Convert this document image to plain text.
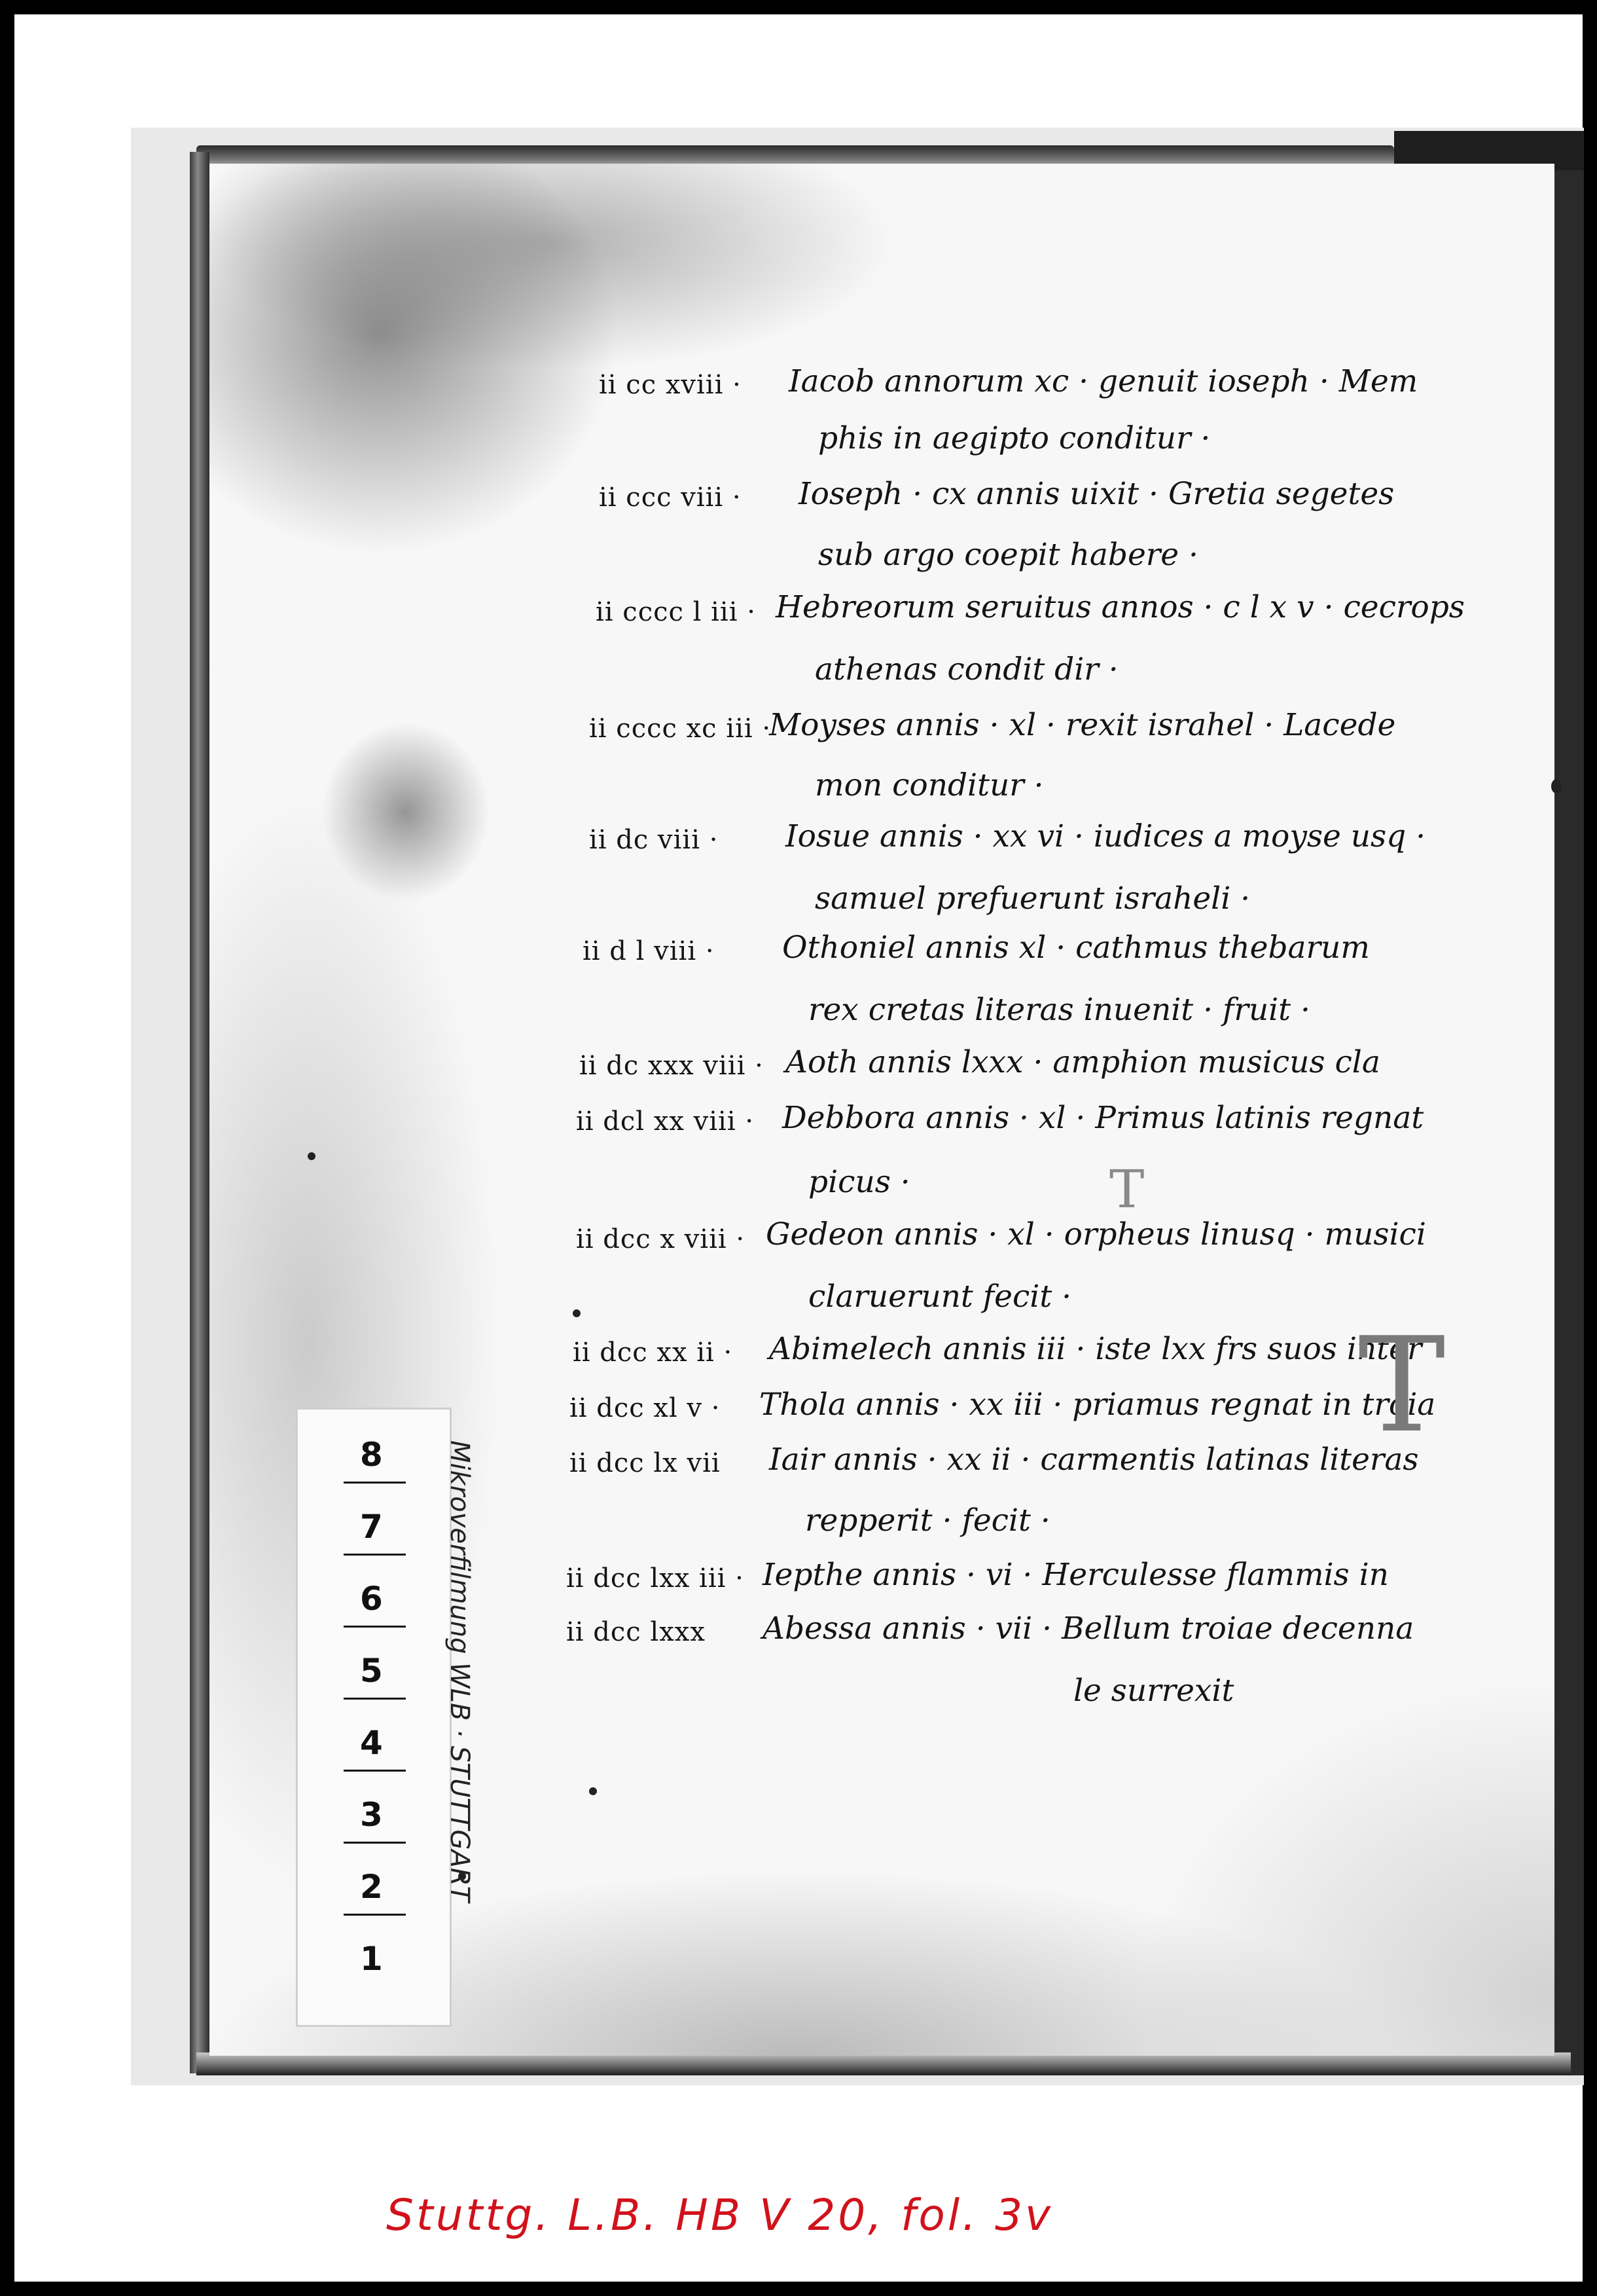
ii cc xviii · Iacob annorum xc · genuit ioseph · Mem
phis in aegipto conditur ·
ii ccc viii · Ioseph · cx annis uixit · Gretia segetes
sub argo coepit habere ·
ii cccc l iii · Hebreorum seruitus annos · c l x v · cecrops
athenas condit dir ·
ii cccc xc iii ·
Moyses annis · xl · rexit israhel · Lacede
mon conditur ·
ii dc viii · Iosue annis · xx vi · iudices a moyse usq ·
samuel prefuerunt israheli ·
ii d l viii · Othoniel annis xl · cathmus thebarum
rex cretas literas inuenit · fruit ·
ii dc xxx viii · Aoth annis lxxx · amphion musicus cla
ii dcl xx viii · Debbora annis · xl · Primus latinis regnat
picus ·
ii dcc x viii · Gedeon annis · xl · orpheus linusq · musici
claruerunt fecit ·
ii dcc xx ii · Abimelech annis iii · iste lxx frs suos inter
ii dcc xl v · Thola annis · xx iii · priamus regnat in troia
ii dcc lx vii Iair annis · xx ii · carmentis latinas literas
repperit · fecit ·
ii dcc lxx iii · Iepthe annis · vi · Herculesse flammis in
ii dcc lxxx Abessa annis · vii · Bellum troiae decenna
le surrexit
T
T
8
7
6
5
4
3
2
1
Mikroverfilmung WLB · STUTTGART
Stuttg. L.B. HB V 20, fol. 3v
